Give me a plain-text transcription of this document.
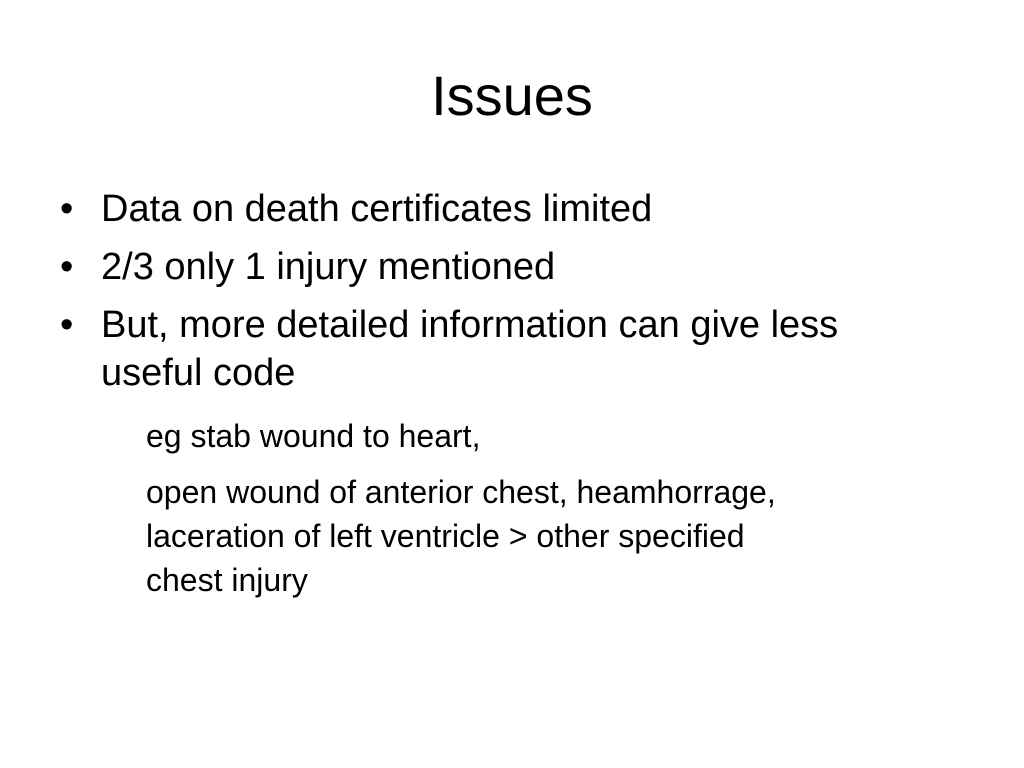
Issues
• Data on death certificates limited
• 2/3 only 1 injury mentioned
• But, more detailed information can give less useful code
eg stab wound to heart,
open wound of anterior chest, heamhorrage,
laceration of left ventricle > other specified
chest injury
